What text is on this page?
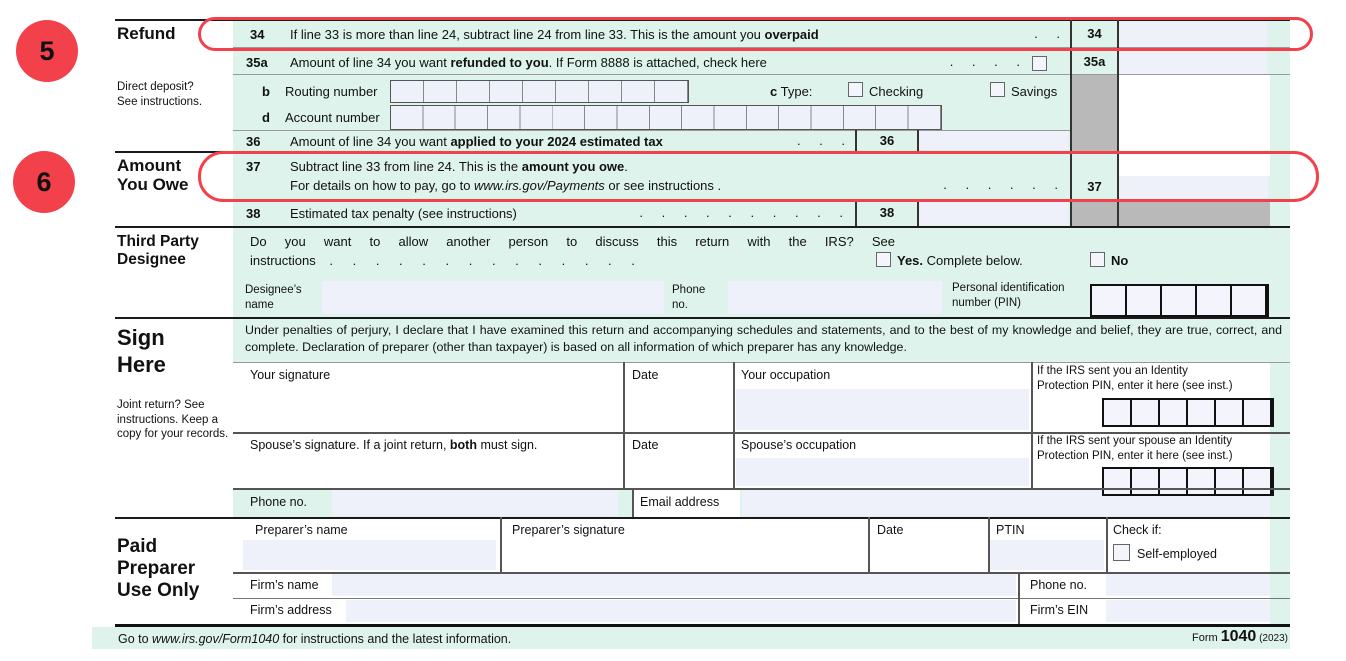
Refund
Direct deposit?
See instructions.
Amount
You Owe
Third Party
Designee
Sign
Here
Joint return? See instructions. Keep a copy for your records.
Paid
Preparer
Use Only
34 If line 33 is more than line 24, subtract line 24 from line 33. This is the amount you overpaid	. .	34
35a Amount of line 34 you want refunded to you. If Form 8888 is attached, check here	. . . .	35a
b Routing number	c Type:	Checking	Savings
d Account number
36 Amount of line 34 you want applied to your 2024 estimated tax	. . .	36
37 Subtract line 33 from line 24. This is the amount you owe.
For details on how to pay, go to www.irs.gov/Payments or see instructions .	. . . . . .	37
38 Estimated tax penalty (see instructions)	. . . . . . . . . .	38
Do you want to allow another person to discuss this return with the IRS? See instructions . . . . . . . . . . . . . .	Yes. Complete below.	No
Designee’s name
Phone no.
Personal identification number (PIN)
Under penalties of perjury, I declare that I have examined this return and accompanying schedules and statements, and to the best of my knowledge and belief, they are true, correct, and complete. Declaration of preparer (other than taxpayer) is based on all information of which preparer has any knowledge.
Your signature	Date	Your occupation	If the IRS sent you an Identity Protection PIN, enter it here (see inst.)
Spouse’s signature. If a joint return, both must sign.	Date	Spouse’s occupation	If the IRS sent your spouse an Identity Protection PIN, enter it here (see inst.)
Phone no.	Email address
Preparer’s name	Preparer’s signature	Date	PTIN	Check if:
Self-employed
Firm’s name	Phone no.
Firm’s address	Firm’s EIN
Go to www.irs.gov/Form1040 for instructions and the latest information.	Form 1040 (2023)
5
6
